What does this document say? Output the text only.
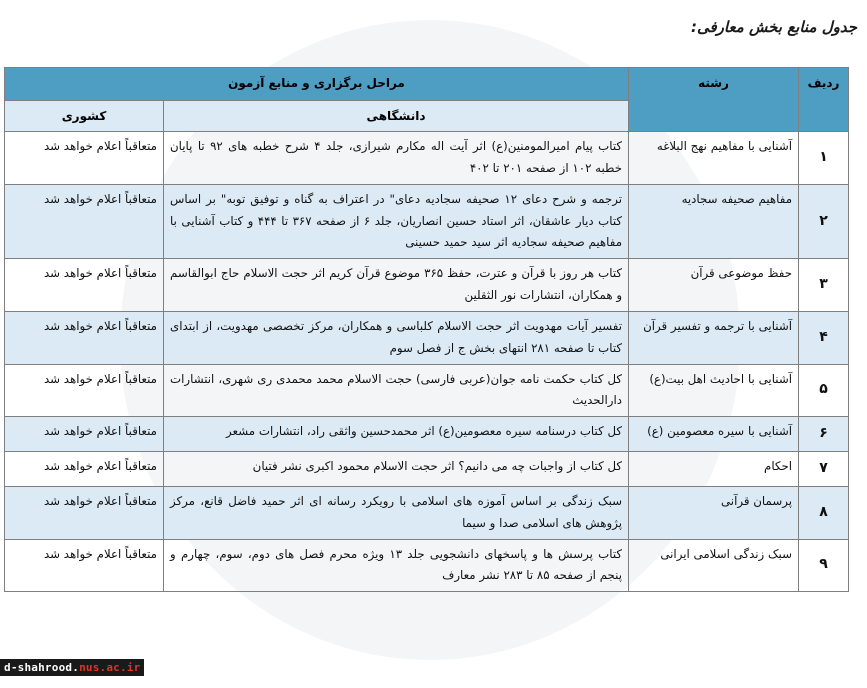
جدول منابع بخش معارفی:
ردیف	رشته	مراحل برگزاری و منابع آزمون	
		دانشگاهی	کشوری
۱	آشنایی با مفاهیم نهج البلاغه	کتاب پیام امیرالمومنین(ع) اثر آیت اله مکارم شیرازی، جلد ۴ شرح خطبه های ۹۲ تا پایان خطبه ۱۰۲ از صفحه ۲۰۱ تا ۴۰۲	متعاقباً اعلام خواهد شد
۲	مفاهیم صحیفه سجادیه	ترجمه و شرح دعای ۱۲ صحیفه سجادیه دعای" در اعتراف به گناه و توفیق توبه" بر اساس کتاب دیار عاشقان، اثر استاد حسین انصاریان، جلد ۶ از صفحه ۳۶۷ تا ۴۴۴ و کتاب آشنایی با مفاهیم صحیفه سجادیه اثر سید حمید حسینی	متعاقباً اعلام خواهد شد
۳	حفظ موضوعی قرآن	کتاب هر روز با قرآن و عترت، حفظ ۳۶۵ موضوع قرآن کریم اثر حجت الاسلام حاج ابوالقاسم و همکاران، انتشارات نور الثقلین	متعاقباً اعلام خواهد شد
۴	آشنایی با ترجمه و تفسیر قرآن	تفسیر آیات مهدویت اثر حجت الاسلام کلباسی و همکاران، مرکز تخصصی مهدویت، از ابتدای کتاب تا صفحه ۲۸۱ انتهای بخش ج از فصل سوم	متعاقباً اعلام خواهد شد
۵	آشنایی با احادیث اهل بیت(ع)	کل کتاب حکمت نامه جوان(عربی فارسی) حجت الاسلام محمد محمدی ری شهری، انتشارات دارالحدیث	متعاقباً اعلام خواهد شد
۶	آشنایی با سیره معصومین (ع)	کل کتاب درسنامه سیره معصومین(ع) اثر محمدحسین واثقی راد، انتشارات مشعر	متعاقباً اعلام خواهد شد
۷	احکام	کل کتاب از واجبات چه می دانیم؟ اثر حجت الاسلام محمود اکبری نشر فتیان	متعاقباً اعلام خواهد شد
۸	پرسمان قرآنی	سبک زندگی بر اساس آموزه های اسلامی با رویکرد رسانه ای اثر حمید فاضل قانع، مرکز پژوهش های اسلامی صدا و سیما	متعاقباً اعلام خواهد شد
۹	سبک زندگی اسلامی ایرانی	کتاب پرسش ها و پاسخهای دانشجویی جلد ۱۳ ویژه محرم فصل های دوم، سوم، چهارم و پنجم از صفحه ۸۵ تا ۲۸۳ نشر معارف	متعاقباً اعلام خواهد شد
d-shahrood.nus.ac.ir
